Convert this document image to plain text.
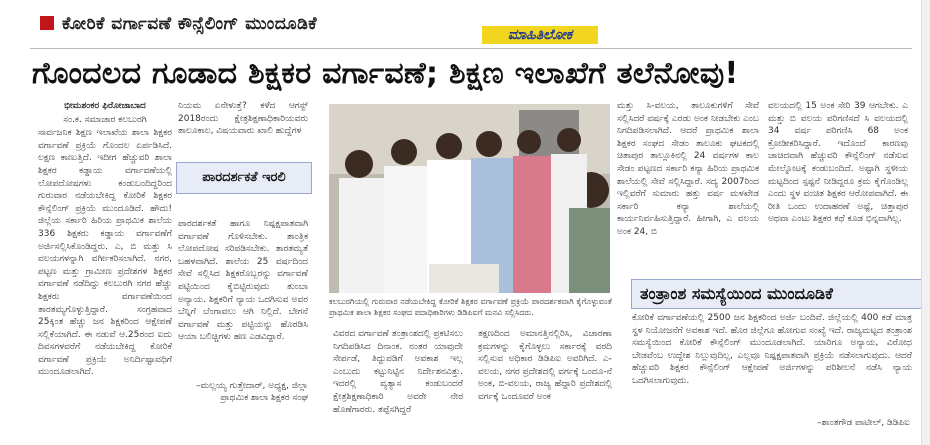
ಕೋರಿಕೆ ವರ್ಗಾವಣೆ ಕೌನ್ಸೆಲಿಂಗ್ ಮುಂದೂಡಿಕೆ
ಮಾಹಿತಿಲೋಕ
ಗೊಂದಲದ ಗೂಡಾದ ಶಿಕ್ಷಕರ ವರ್ಗಾವಣೆ; ಶಿಕ್ಷಣ ಇಲಾಖೆಗೆ ತಲೆನೋವು!

ಭೀಮಶಂಕರ ಫಿರೋಜಾಬಾದ

ಸಂ.ಕ. ಸಮಾಚಾರ ಕಲಬುರಗಿ

ಸಾರ್ವಜನಿಕ ಶಿಕ್ಷಣ ಇಲಾಖೆಯ ಶಾಲಾ ಶಿಕ್ಷಕರ ವರ್ಗಾವಣೆ ಪ್ರಕ್ರಿಯೆ ಗೊಂದಲ ಏರ್ಪಡಿಸಿದೆ. ಲಕ್ಷಣ ಕಾಣುತ್ತಿದೆ. ಇದೀಗ ಹೆಚ್ಚುವರಿ ಶಾಲಾ ಶಿಕ್ಷಕರ ಕಡ್ಡಾಯ ವರ್ಗಾವಣೆಯಲ್ಲಿ ಲೋಪದೋಷಗಳು ಕಂಡುಬಂದಿದ್ದರಿಂದ ಗುರುವಾರ ನಡೆಯಬೇಕಿದ್ದ ಕೋರಿಕೆ ಶಿಕ್ಷಕರ ಕೌನ್ಸೆಲಿಂಗ್ ಪ್ರಕ್ರಿಯೆ ಮುಂದೂಡಿದೆ. ಹೌದು! ಜಿಲ್ಲೆಯ ಸರ್ಕಾರಿ ಹಿರಿಯ ಪ್ರಾಥಮಿಕ ಶಾಲೆಯ 336 ಶಿಕ್ಷಕರು ಕಡ್ಡಾಯ ವರ್ಗಾವಣೆಗೆ ಅರ್ಜಿಸಲ್ಲಿಸಿಕೊಂಡಿದ್ದರು. ಎ, ಬಿ ಮತ್ತು ಸಿ ವಲಯಗಳನ್ನಾಗಿ ವರ್ಗೀಕರಿಸಲಾಗಿದೆ. ನಗರ, ಪಟ್ಟಣ ಮತ್ತು ಗ್ರಾಮೀಣ ಪ್ರದೇಶಗಳ ಶಿಕ್ಷಕರ ವರ್ಗಾವಣೆ ನಡೆದಿದ್ದು ಕಲಬುರಗಿ ನಗರ ಹೆಚ್ಚು ಶಿಕ್ಷಕರು ವರ್ಗಾವಣೆಯಿಂದ ತಾರತಮ್ಯಗೊಳ್ಳುತ್ತಿದ್ದಾರೆ. ಸಂಗ್ರಹವಾದ 25ಕ್ಕಿಂತ ಹೆಚ್ಚು ಜನ ಶಿಕ್ಷಕರಿಂದ ಆಕ್ಷೇಪಣೆ ಸಲ್ಲಿಕೆಯಾಗಿದೆ. ಈ ನಡುವೆ ಆ.25ರಂದ ಐದು ದಿವಸಗಳವರೆಗೆ ನಡೆಯಬೇಕಿದ್ದ ಕೋರಿಕೆ ವರ್ಗಾವಣೆ ಪ್ರಕ್ರಿಯೆ ಅನಿರ್ದಿಷ್ಟಾವಧಿಗೆ ಮುಂದೂಡಲಾಗಿದೆ.

ನಿಯಮ ಏನೇಳುತ್ತೆ? ಕಳೆದ ಆಗಸ್ಟ್ 2018ರಂದು ಕ್ಷೇತ್ರಶಿಕ್ಷಣಾಧಿಕಾರಿಯವರು ತಾಲೂಕಾಲ, ವಿಷಯವಾರು ಖಾಲಿ ಹುದ್ದೆಗಳ
ಪಾರದರ್ಶಕತೆ ಇರಲಿ
ಪಾರದರ್ಶಕತೆ ಹಾಗೂ ನಿಷ್ಪಕ್ಷಪಾತವಾಗಿ ವರ್ಗಾವಣೆ ಗೊಳಿಸಬೇಕು. ತಾಂತ್ರಿಕ ಲೋಪದೋಷ ಸರಿಪಡಿಸಬೇಕು. ತಾರತಮ್ಯತೆ ಬಹಳವಾಗಿದೆ. ಶಾಲೆಯ 25 ವರ್ಷದಿಂದ ಸೇವೆ ಸಲ್ಲಿಸಿದ ಶಿಕ್ಷಕರೊಬ್ಬರನ್ನು ವರ್ಗಾವಣೆ ಪಟ್ಟಿಯಿಂದ ಕೈಬಿಟ್ಟಿರುವುದು ತುಂಬಾ ಅನ್ಯಾಯ. ಶಿಕ್ಷಕರಿಗೆ ನ್ಯಾಯ ಒದಗಿಸುವ ಅವರ ಬೆನ್ನಿಗೆ ಬೆಂಗಾವಲು ಆಗಿ ನಿಲ್ಲಿದೆ. ಬೇಗನೆ ವರ್ಗಾವಣೆ ಮತ್ತು ಪಟ್ಟಿಯನ್ನು ಹೊರಡಿಸಿ ಆಯಾ ಬಲಿಚ್ಚಿಗಳು ಹಣ ಎಡವಿದ್ದಾರೆ.
–ಮಲ್ಲಯ್ಯ ಗುತ್ತೇದಾರ್, ಅಧ್ಯಕ್ಷ, ಜಿಲ್ಲಾ ಪ್ರಾಥಮಿಕ ಶಾಲಾ ಶಿಕ್ಷಕರ ಸಂಘ
ಕಲಬುರಗಿಯಲ್ಲಿ ಗುರುವಾರ ನಡೆಯಬೇಕಿದ್ದ ಕೋರಿಕೆ ಶಿಕ್ಷಕರ ವರ್ಗಾವಣೆ ಪ್ರಕ್ರಿಯೆ ಪಾರದರ್ಶಕವಾಗಿ ಕೈಗೊಳ್ಳುವಂತೆ ಪ್ರಾಥಮಿಕ ಶಾಲಾ ಶಿಕ್ಷಕರ ಸಂಘದ ಪದಾಧಿಕಾರಿಗಳು ಡಿಡಿಪಿಐಗೆ ಮನವಿ ಸಲ್ಲಿಸಿದರು.
ವಿವರದ ವರ್ಗಾವಣೆ ತಂತ್ರಾಂಶದಲ್ಲಿ ಪ್ರಕಟಿಸಲು ನಿಗದಿಪಡಿಸಿದ ದಿನಾಂಕ. ನಂತರ ಯಾವುದೇ ಸೇರ್ಪಡೆ, ತಿದ್ದುಪಡಿಗೆ ಅವಕಾಶ ಇಲ್ಲ ಎಂಬುದು ಕಟ್ಟುನಿಟ್ಟಿನ ನಿರ್ದೇಶನವಿತ್ತು. ಇದರಲ್ಲಿ ವ್ಯತ್ಯಾಸ ಕಂಡುಬಂದರೆ ಕ್ಷೇತ್ರಶಿಕ್ಷಣಾಧಿಕಾರಿ ಅವರೇ ನೇರ ಹೊಣೆಗಾರರು. ತಪ್ಪೆಸಗಿದ್ದರೆ
ತಕ್ಷಣದಿಂದ ಅಮಾನತ್ತಿನಲ್ಲಿರಿಸಿ, ವಿಚಾರಣಾ ಕ್ರಮಗಳನ್ನು ಕೈಗೊಳ್ಳಲು ಸರ್ಕಾರಕ್ಕೆ ವರದಿ ಸಲ್ಲಿಸುವ ಅಧಿಕಾರ ಡಿಡಿಪಿಐ ಅವರಿಗಿದೆ. ಎ-ವಲಯ, ನಗರ ಪ್ರದೇಶದಲ್ಲಿ ವರ್ಗಕ್ಕೆ ಒಂದೂ-ನೆ ಅಂಕ, ಬಿ-ವಲಯ, ರಾಜ್ಯ ಹೆದ್ದಾರಿ ಪ್ರದೇಶದಲ್ಲಿ ವರ್ಗಕ್ಕೆ ಒಂದೂವರೆ ಅಂಕ
ಮತ್ತು ಸಿ-ವಲಯ, ತಾಲೂಕುಗಳಿಗೆ ಸೇವೆ ಸಲ್ಲಿಸಿದರೆ ವರ್ಷಕ್ಕೆ ಎರಡು ಅಂಕ ನೀಡಬೇಕು ಎಂಬ ನಿಗದಿಪಡಿಸಲಾಗಿದೆ. ಆದರೆ ಪ್ರಾಥಮಿಕ ಶಾಲಾ ಶಿಕ್ಷಕರ ಸಂಘದ ಸೇಡಂ ತಾಲೂಕು ಘಟಕದಲ್ಲಿ ಚಿತಾಪುರ ತಾಲ್ಲೂಕಿನಲ್ಲಿ 24 ವರ್ಷಗಳ ಕಾಲ ಸೇಡಂ ಪಟ್ಟಣದ ಸರ್ಕಾರಿ ಕನ್ಯಾ ಹಿರಿಯ ಪ್ರಾಥಮಿಕ ಶಾಲೆಯಲ್ಲಿ ಸೇವೆ ಸಲ್ಲಿಸಿದ್ದಾರೆ. ಸದ್ಯ 2007ರಿಂದ ಇಲ್ಲಿವರೆಗೆ ಸುಮಾರು ಹತ್ತು ವರ್ಷ ಮಳಖೇಡ ಸರ್ಕಾರಿ ಕನ್ಯಾ ಶಾಲೆಯಲ್ಲಿ ಕಾರ್ಯನಿರ್ವಹಿಸುತ್ತಿದ್ದಾರೆ. ಹೀಗಾಗಿ, ಎ ವಲಯ ಅಂಕ 24, ಬಿ
ವಲಯದಲ್ಲಿ 15 ಅಂಕ ಸೇರಿ 39 ಆಗಬೇಕು. ಎ ಮತ್ತು ಬಿ ವಲಯ ಪರಿಗಣಿಸದೆ ಸಿ ವಲಯದಲ್ಲಿ 34 ವರ್ಷ ಪರಿಗಣಿಸಿ 68 ಅಂಕ ಕ್ರೋಡೀಕರಿಸಿದ್ದಾರೆ. ಇದೊಂದೆ ಕಾರಣವು ಚಾಚಿದವಾಗಿ ಹೆಚ್ಚುವರಿ ಕೌನ್ಸೆಲಿಂಗ್ ನಡೆಸುವ ಮೇಲ್ನೋಟಕ್ಕೆ ಕಂಡುಬಂದಿದೆ. ಅಷ್ಟಾಗಿ ಸ್ಥಳೀಯ ಮಟ್ಟದಿಂದ ಸ್ಪಷ್ಟನೆ ನೀಡಿದ್ದರೂ ಕ್ರಮ ಕೈಗೊಂಡಿಲ್ಲ ಎಂದು ಸ್ಥಳ ವಂಚಿತ ಶಿಕ್ಷಕರ ಆರೋಪವಾಗಿದೆ. ಈ ರೀತಿ ಒಂದು ಉದಾಹರಣೆ ಅಷ್ಟೆ, ಚಿತ್ತಾಪುರ ಅಥವಾ ಎಂಟು ಶಿಕ್ಷಕರ ಕಥೆ ಕೂಡ ಭಿನ್ನವಾಗಿಲ್ಲ.
ತಂತ್ರಾಂಶ ಸಮಸ್ಯೆಯಿಂದ ಮುಂದೂಡಿಕೆ
ಕೋರಿಕೆ ವರ್ಗಾವಣೆಯಲ್ಲಿ 2500 ಜನ ಶಿಕ್ಷಕರಿಂದ ಅರ್ಜಿ ಬಂದಿವೆ. ಜಿಲ್ಲೆಯಲ್ಲಿ 400 ಕಡೆ ಮಾತ್ರ ಸ್ಥಳ ನಿಯೋಜನೆಗೆ ಅವಕಾಶ ಇದೆ. ಹೊರ ಜಿಲ್ಲೆಗೂ ಹೋಗುವ ಸಂಖ್ಯೆ ಇದೆ. ರಾಜ್ಯಮಟ್ಟದ ತಂತ್ರಾಂಶ ಸಮಸ್ಯೆಯಿಂದ ಕೋರಿಕೆ ಕೌನ್ಸೆಲಿಂಗ್ ಮುಂದೂಡಲಾಗಿದೆ. ಯಾರಿಗೂ ಅನ್ಯಾಯ, ವಿರೋಧ ಬೇಡವೆಂಬ ಉದ್ದೇಶ ನಿಲ್ಲುವುದಿಲ್ಲ, ಎಲ್ಲವೂ ನಿಷ್ಪಕ್ಷಪಾತವಾಗಿ ಪ್ರಕ್ರಿಯೆ ನಡೆಸಲಾಗುವುದು. ಆದರೆ ಹೆಚ್ಚುವರಿ ಶಿಕ್ಷಕರ ಕೌನ್ಸೆಲಿಂಗ್ ಆಕ್ಷೇಪಣೆ ಅರ್ಜಿಗಳನ್ನು ಪರಿಶೀಲನೆ ನಡೆಸಿ ನ್ಯಾಯ ಒದಗಿಸಲಾಗುವುದು.
–ಶಾಂತಗೌಡ ಪಾಟೀಲ್, ಡಿಡಿಪಿಐ
